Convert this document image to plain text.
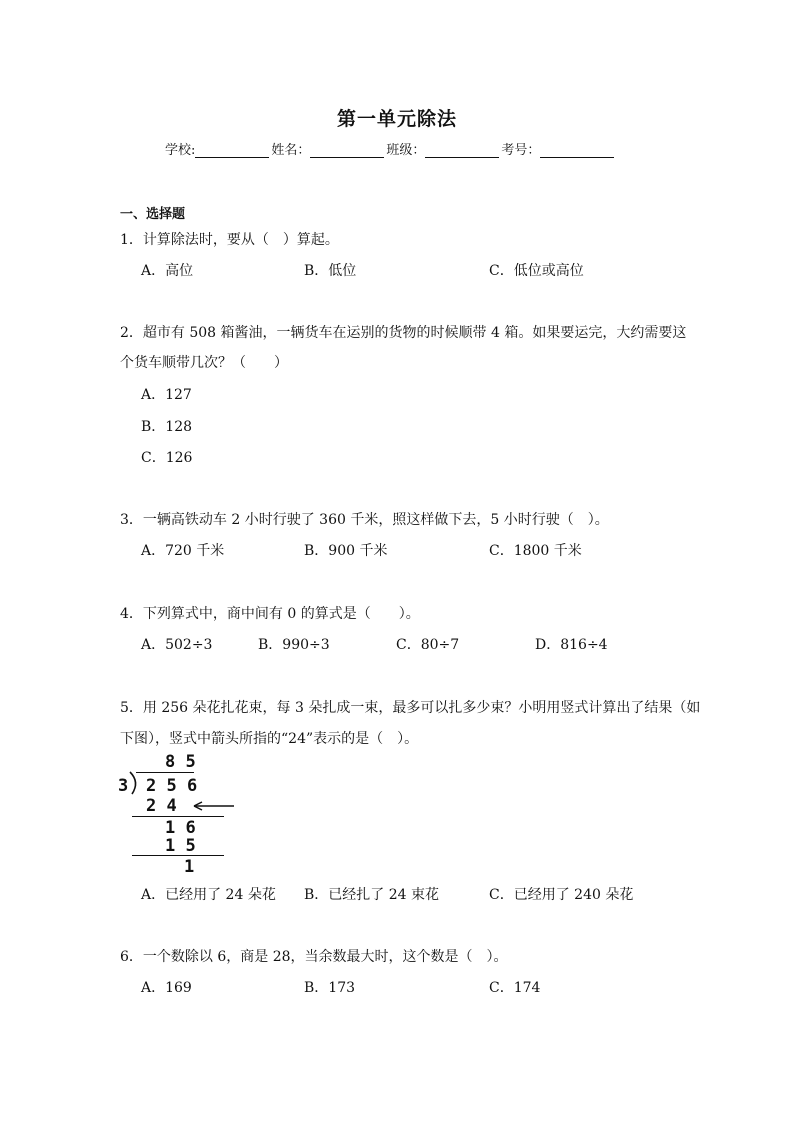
第一单元除法
学校:	姓名：	班级：	考号：
一、选择题
1．计算除法时，要从（　）算起。
A．高位	B．低位	C．低位或高位
2．超市有 508 箱酱油，一辆货车在运别的货物的时候顺带 4 箱。如果要运完，大约需要这
个货车顺带几次？（　　）
A．127
B．128
C．126
3．一辆高铁动车 2 小时行驶了 360 千米，照这样做下去，5 小时行驶（　）。
A．720 千米	B．900 千米	C．1800 千米
4．下列算式中，商中间有 0 的算式是（　　）。
A．502÷3	B．990÷3	C．80÷7	D．816÷4
5．用 256 朵花扎花束，每 3 朵扎成一束，最多可以扎多少束？小明用竖式计算出了结果（如
下图），竖式中箭头所指的“24”表示的是（　）。
8 5
3 2 5 6
2 4
1 6
1 5
1
A．已经用了 24 朵花 B．已经扎了 24 束花	C．已经用了 240 朵花
6．一个数除以 6，商是 28，当余数最大时，这个数是（　）。
A．169	B．173	C．174
